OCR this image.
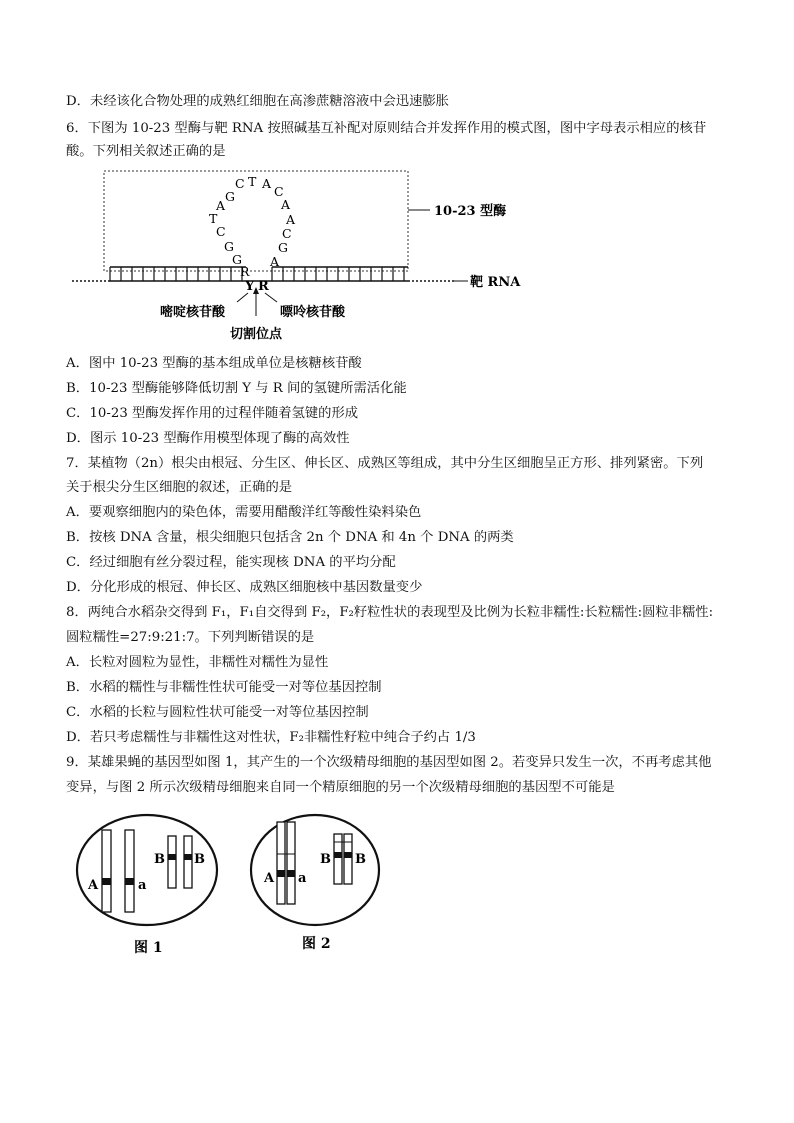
D．未经该化合物处理的成熟红细胞在高渗蔗糖溶液中会迅速膨胀
6．下图为 10-23 型酶与靶 RNA 按照碱基互补配对原则结合并发挥作用的模式图，图中字母表示相应的核苷
酸。下列相关叙述正确的是
10-23 型酶
C T A
G
A
T
C
G
G
R
C
A
A
C
G
A
靶 RNA
Y R
嘧啶核苷酸	嘌呤核苷酸
切割位点
A．图中 10-23 型酶的基本组成单位是核糖核苷酸
B．10-23 型酶能够降低切割 Y 与 R 间的氢键所需活化能
C．10-23 型酶发挥作用的过程伴随着氢键的形成
D．图示 10-23 型酶作用模型体现了酶的高效性
7．某植物（2n）根尖由根冠、分生区、伸长区、成熟区等组成，其中分生区细胞呈正方形、排列紧密。下列
关于根尖分生区细胞的叙述，正确的是
A．要观察细胞内的染色体，需要用醋酸洋红等酸性染料染色
B．按核 DNA 含量，根尖细胞只包括含 2n 个 DNA 和 4n 个 DNA 的两类
C．经过细胞有丝分裂过程，能实现核 DNA 的平均分配
D．分化形成的根冠、伸长区、成熟区细胞核中基因数量变少
8．两纯合水稻杂交得到 F₁，F₁自交得到 F₂，F₂籽粒性状的表现型及比例为长粒非糯性:长粒糯性:圆粒非糯性:
圆粒糯性=27:9:21:7。下列判断错误的是
A．长粒对圆粒为显性，非糯性对糯性为显性
B．水稻的糯性与非糯性性状可能受一对等位基因控制
C．水稻的长粒与圆粒性状可能受一对等位基因控制
D．若只考虑糯性与非糯性这对性状，F₂非糯性籽粒中纯合子约占 1/3
9．某雄果蝇的基因型如图 1，其产生的一个次级精母细胞的基因型如图 2。若变异只发生一次，不再考虑其他
变异，与图 2 所示次级精母细胞来自同一个精原细胞的另一个次级精母细胞的基因型不可能是
A	a
B B
图 1
A a
B B
图 2
